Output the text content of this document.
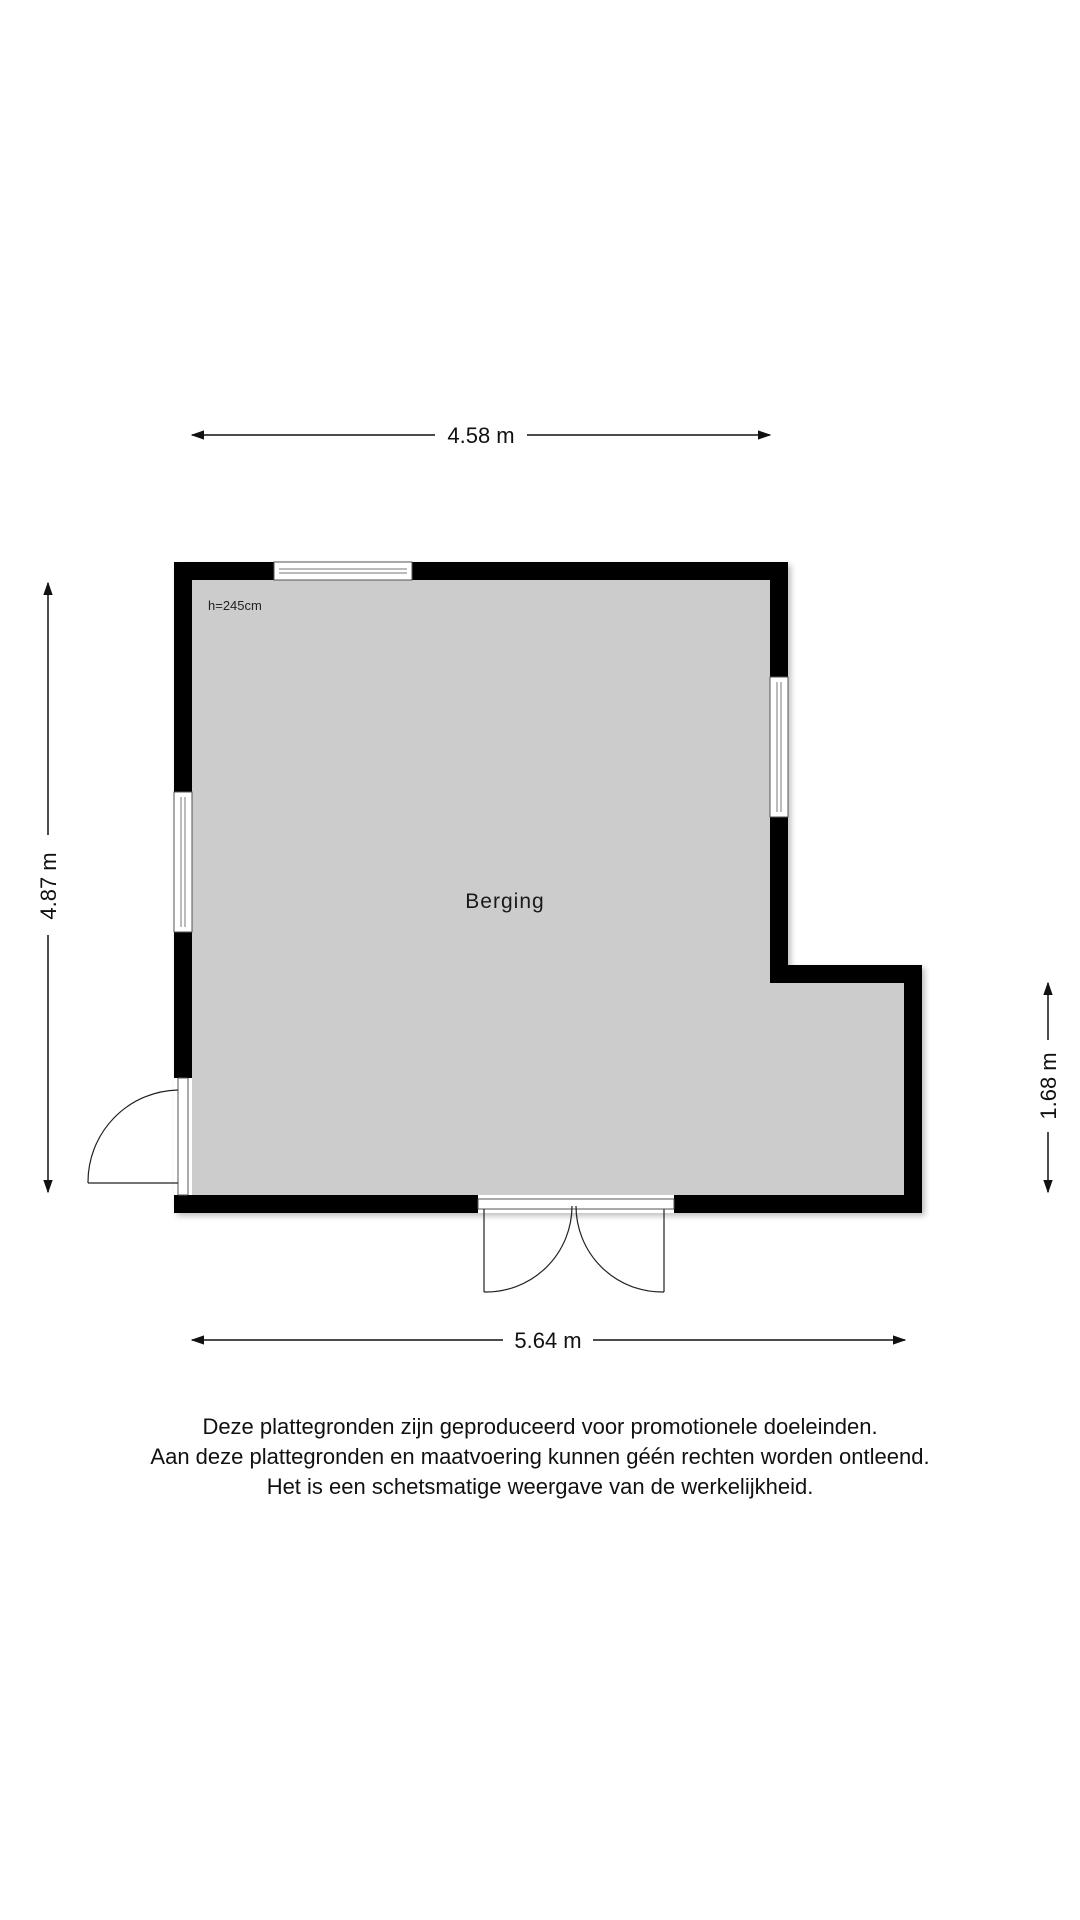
4.58 m
4.87 m
1.68 m
5.64 m
h=245cm
Berging
Deze plattegronden zijn geproduceerd voor promotionele doeleinden.
Aan deze plattegronden en maatvoering kunnen géén rechten worden ontleend.
Het is een schetsmatige weergave van de werkelijkheid.
